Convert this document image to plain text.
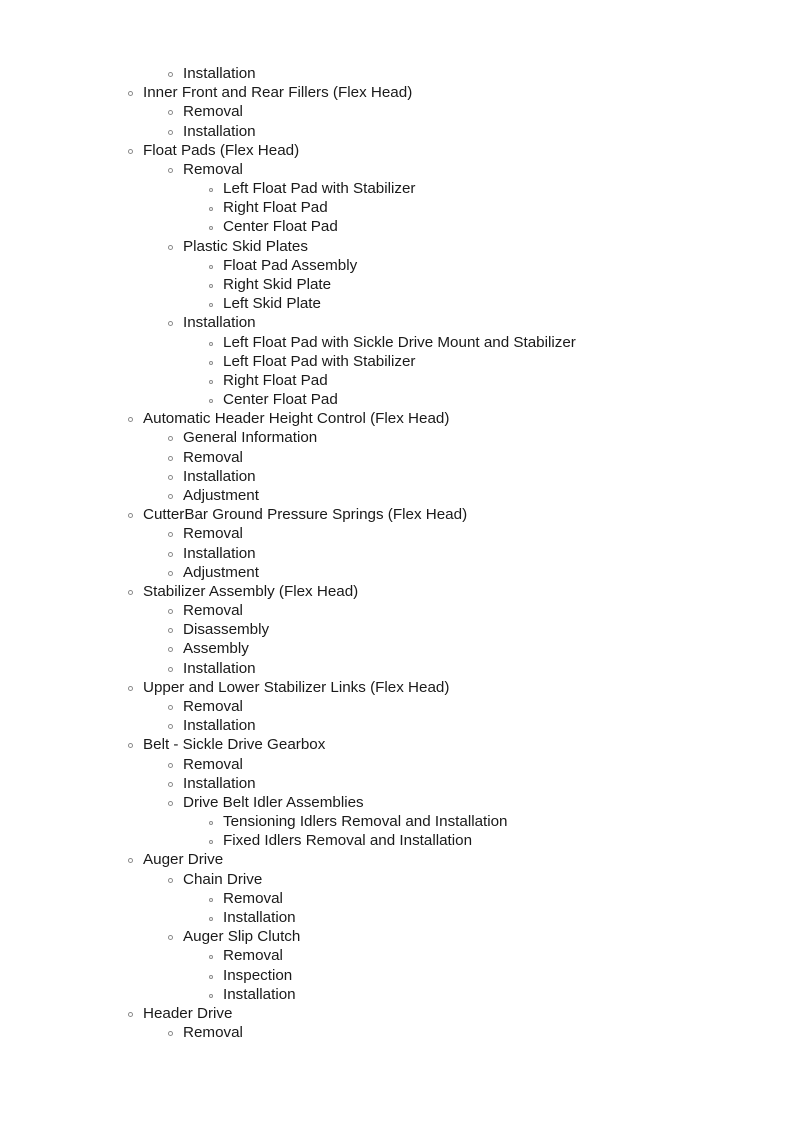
Installation
Inner Front and Rear Fillers (Flex Head)
Removal
Installation
Float Pads (Flex Head)
Removal
Left Float Pad with Stabilizer
Right Float Pad
Center Float Pad
Plastic Skid Plates
Float Pad Assembly
Right Skid Plate
Left Skid Plate
Installation
Left Float Pad with Sickle Drive Mount and Stabilizer
Left Float Pad with Stabilizer
Right Float Pad
Center Float Pad
Automatic Header Height Control (Flex Head)
General Information
Removal
Installation
Adjustment
CutterBar Ground Pressure Springs (Flex Head)
Removal
Installation
Adjustment
Stabilizer Assembly (Flex Head)
Removal
Disassembly
Assembly
Installation
Upper and Lower Stabilizer Links (Flex Head)
Removal
Installation
Belt - Sickle Drive Gearbox
Removal
Installation
Drive Belt Idler Assemblies
Tensioning Idlers Removal and Installation
Fixed Idlers Removal and Installation
Auger Drive
Chain Drive
Removal
Installation
Auger Slip Clutch
Removal
Inspection
Installation
Header Drive
Removal
